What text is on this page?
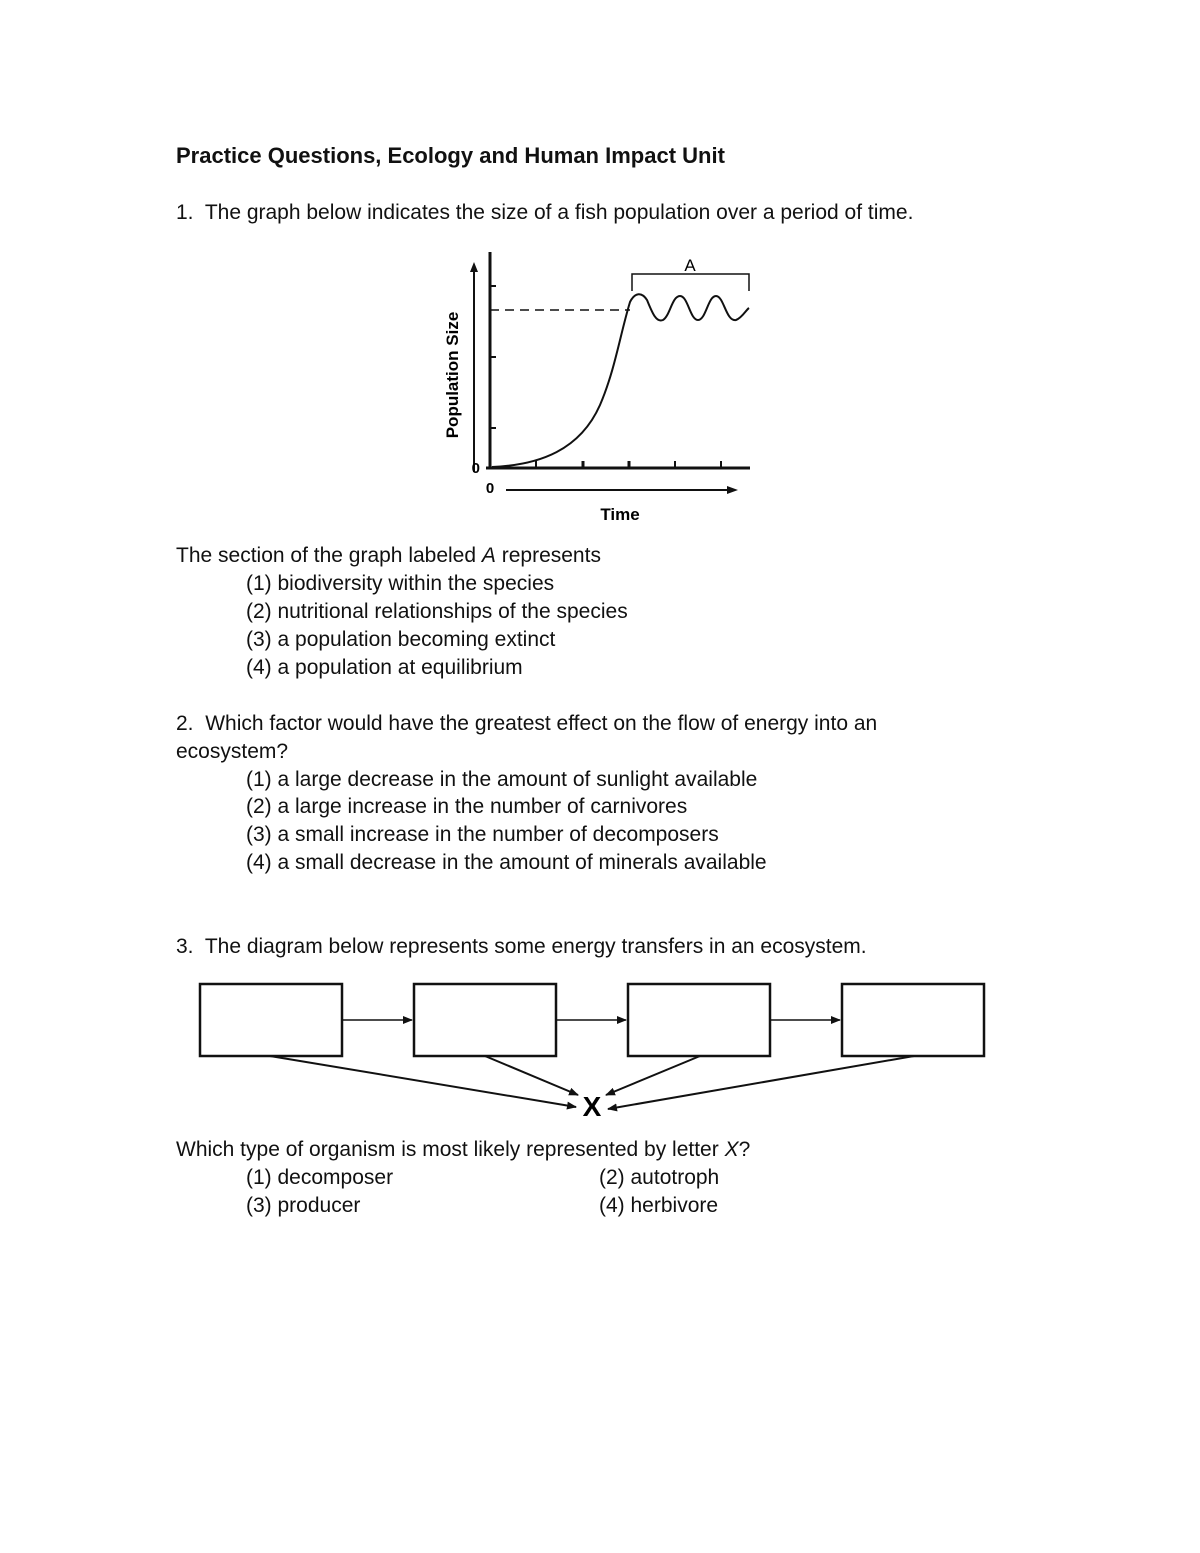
Practice Questions, Ecology and Human Impact Unit
1. The graph below indicates the size of a fish population over a period of time.
A
0
0
Time
Population Size
The section of the graph labeled A represents
(1) biodiversity within the species
(2) nutritional relationships of the species
(3) a population becoming extinct
(4) a population at equilibrium
2. Which factor would have the greatest effect on the flow of energy into an
ecosystem?
(1) a large decrease in the amount of sunlight available
(2) a large increase in the number of carnivores
(3) a small increase in the number of decomposers
(4) a small decrease in the amount of minerals available
3. The diagram below represents some energy transfers in an ecosystem.
X
Which type of organism is most likely represented by letter X?
(1) decomposer	(2) autotroph
(3) producer	(4) herbivore
